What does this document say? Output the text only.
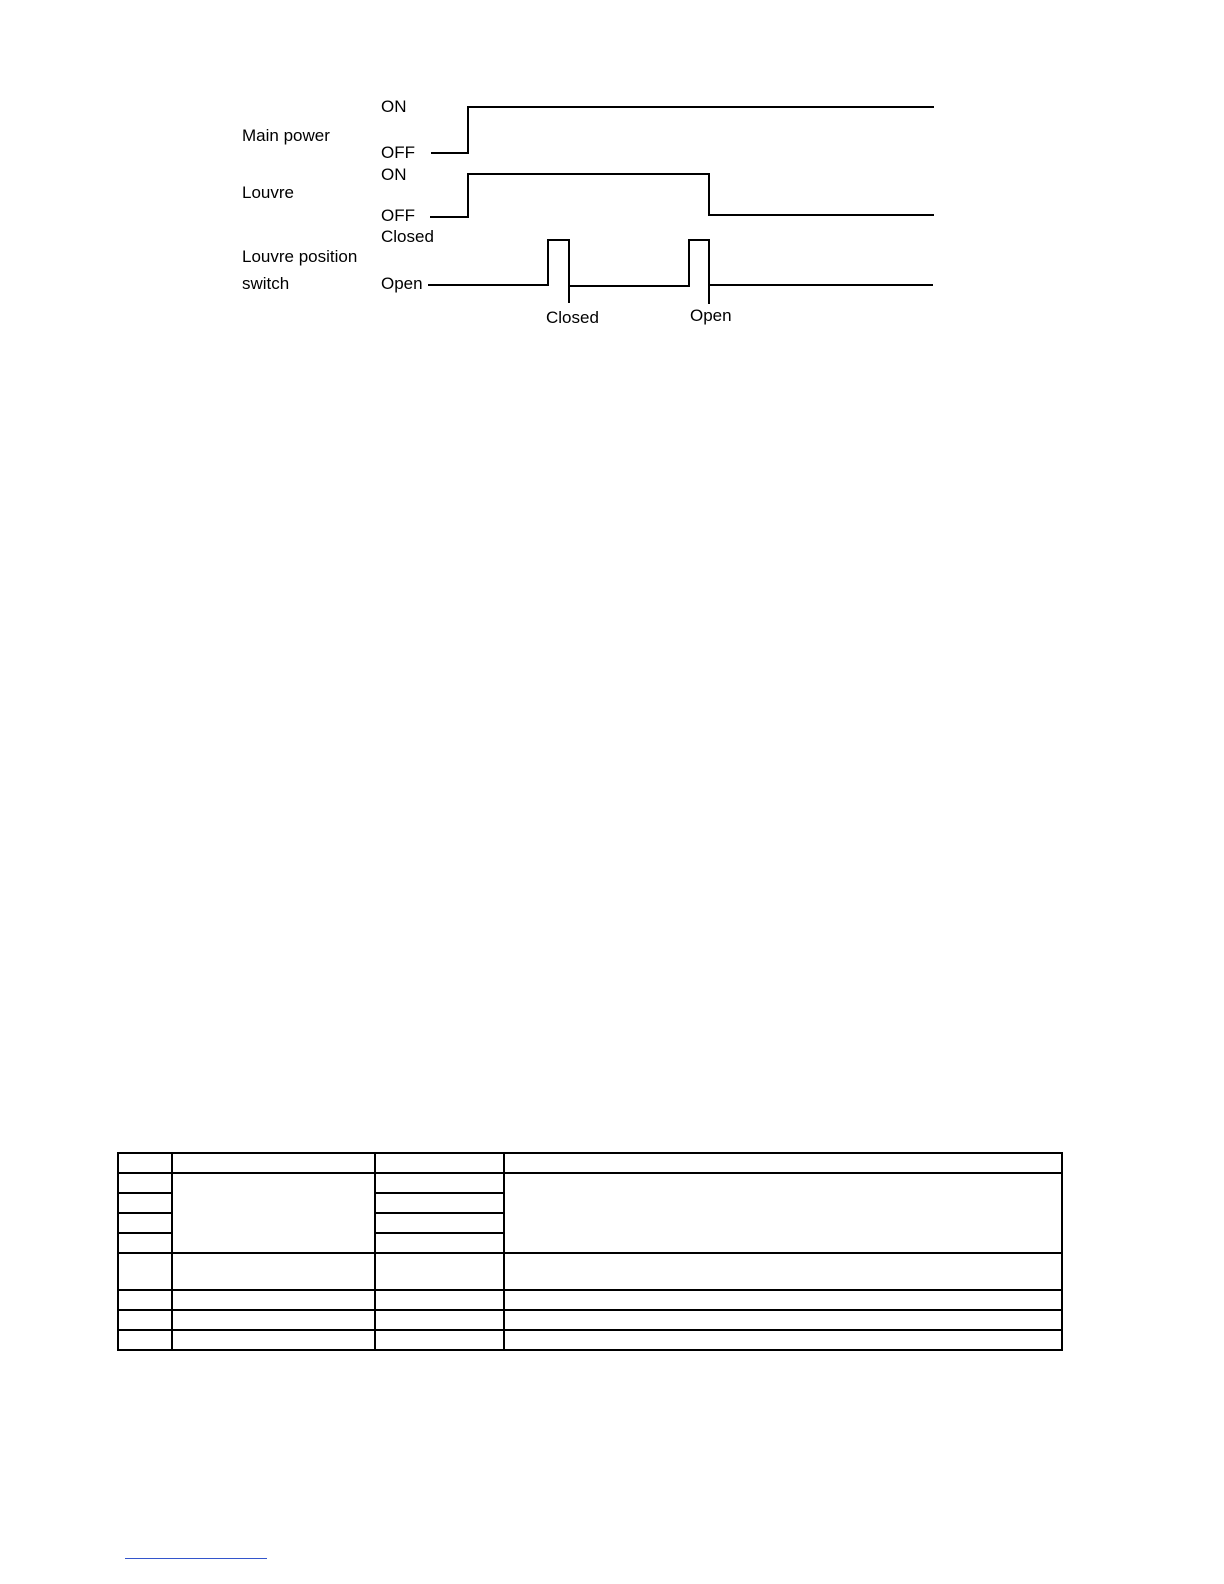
Main power
Louvre
Louvre position
switch
ON
OFF
ON
OFF
Closed
Open
Closed	Open
